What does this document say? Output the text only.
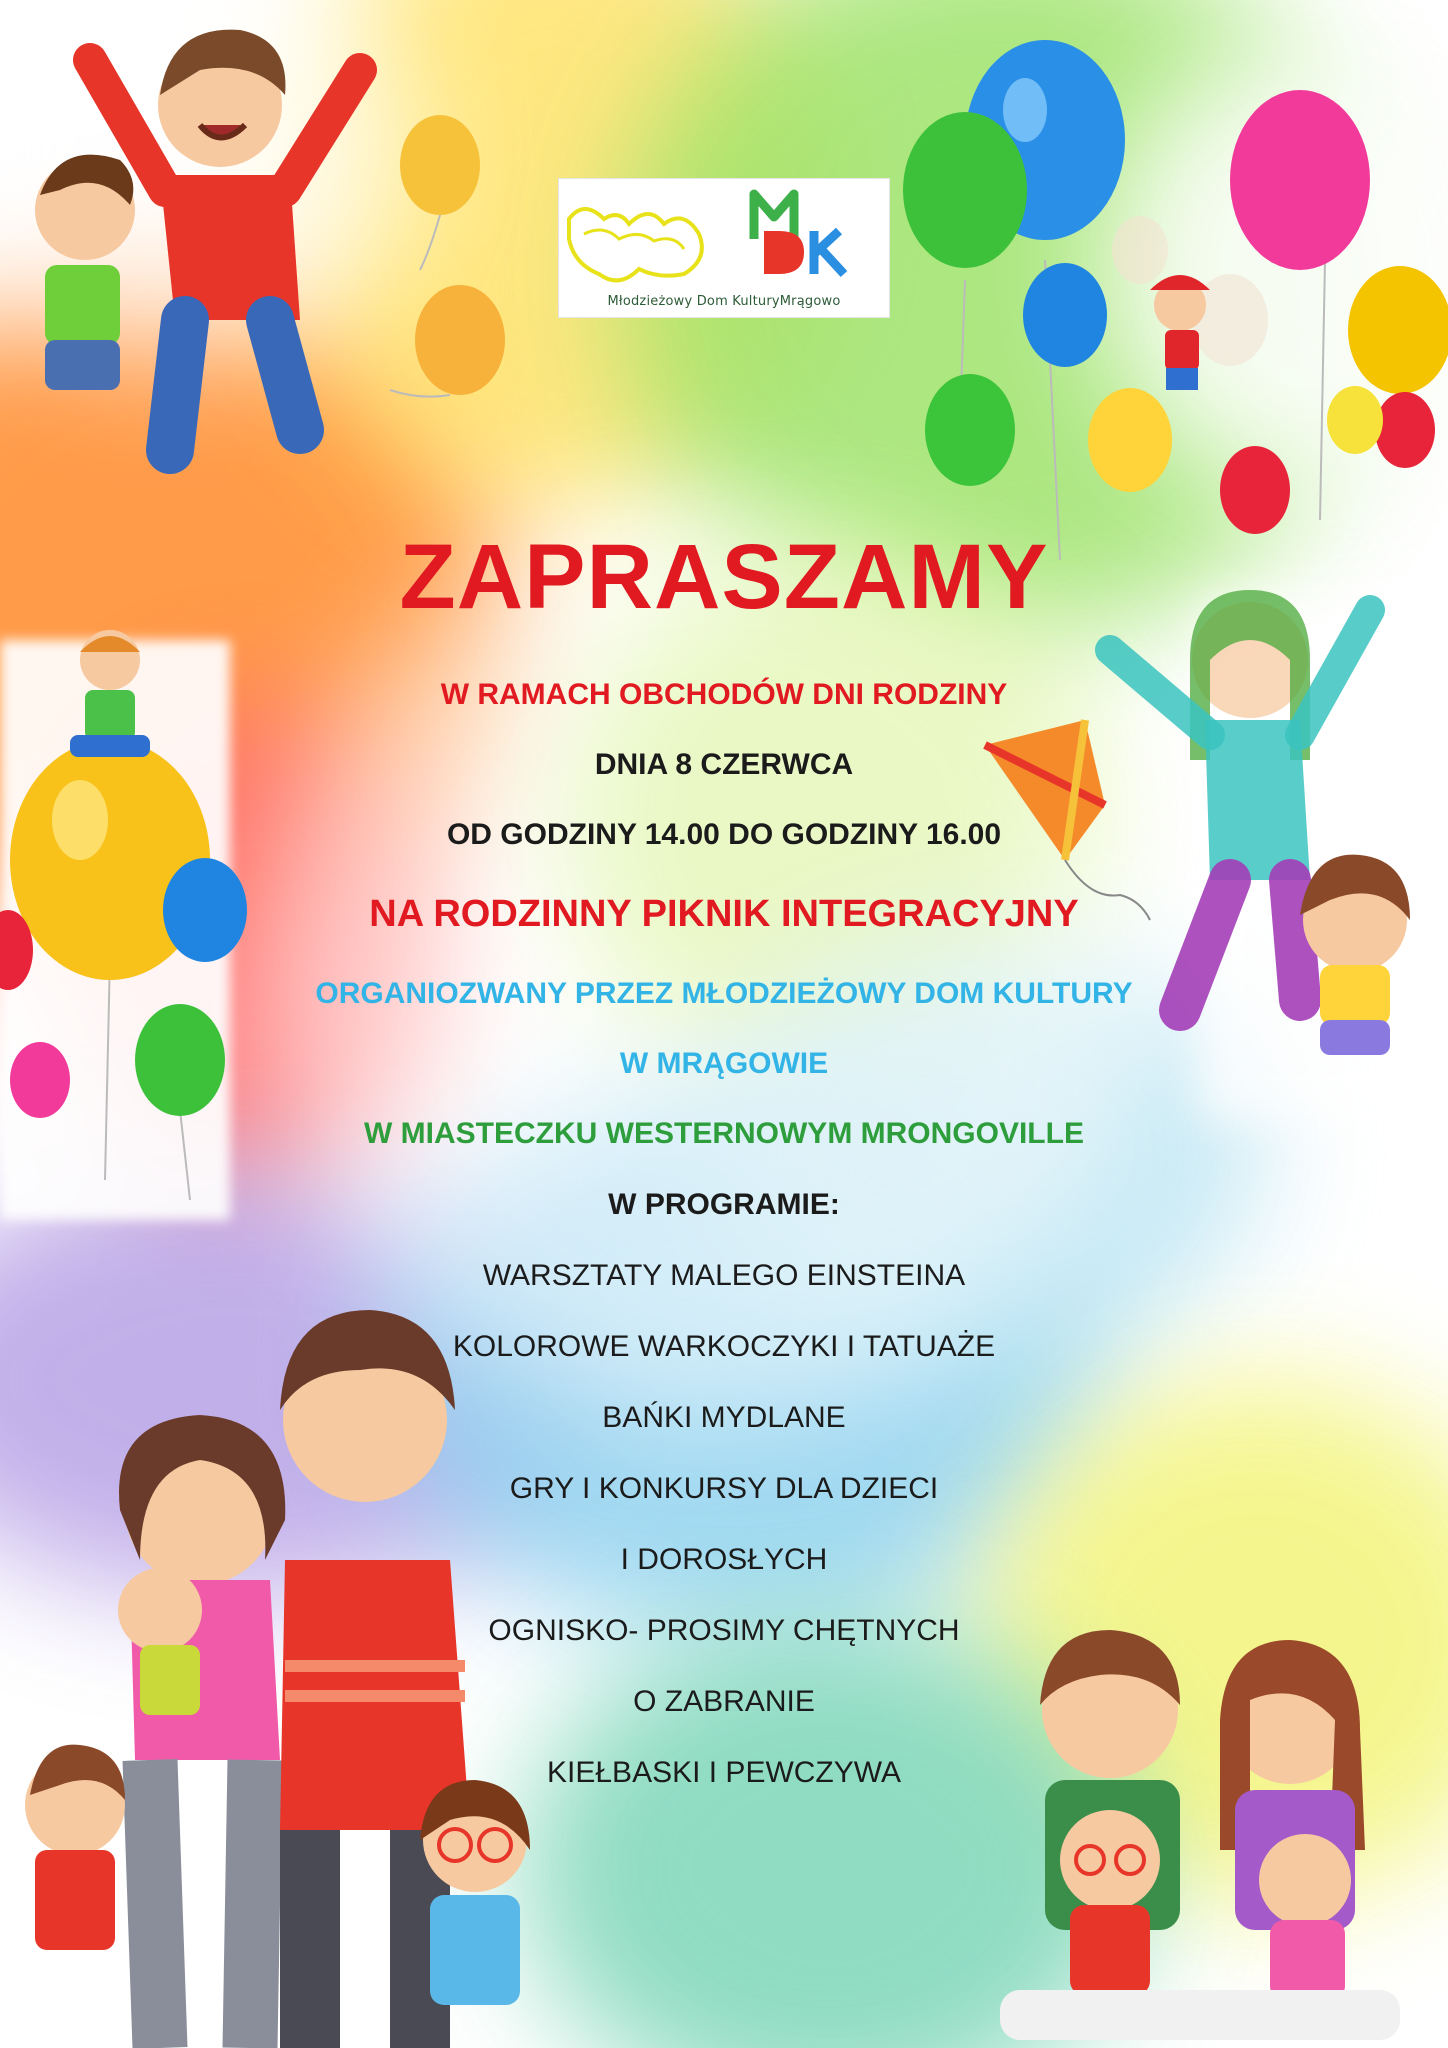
Młodzieżowy Dom KulturyMrągowo
ZAPRASZAMY
W RAMACH OBCHODÓW DNI RODZINY
DNIA 8 CZERWCA
OD GODZINY 14.00 DO GODZINY 16.00
NA RODZINNY PIKNIK INTEGRACYJNY
ORGANIOZWANY PRZEZ MŁODZIEŻOWY DOM KULTURY
W MRĄGOWIE
W MIASTECZKU WESTERNOWYM MRONGOVILLE
W PROGRAMIE:
WARSZTATY MALEGO EINSTEINA
KOLOROWE WARKOCZYKI I TATUAŻE
BAŃKI MYDLANE
GRY I KONKURSY DLA DZIECI
I DOROSŁYCH
OGNISKO- PROSIMY CHĘTNYCH
O ZABRANIE
KIEŁBASKI I PEWCZYWA
